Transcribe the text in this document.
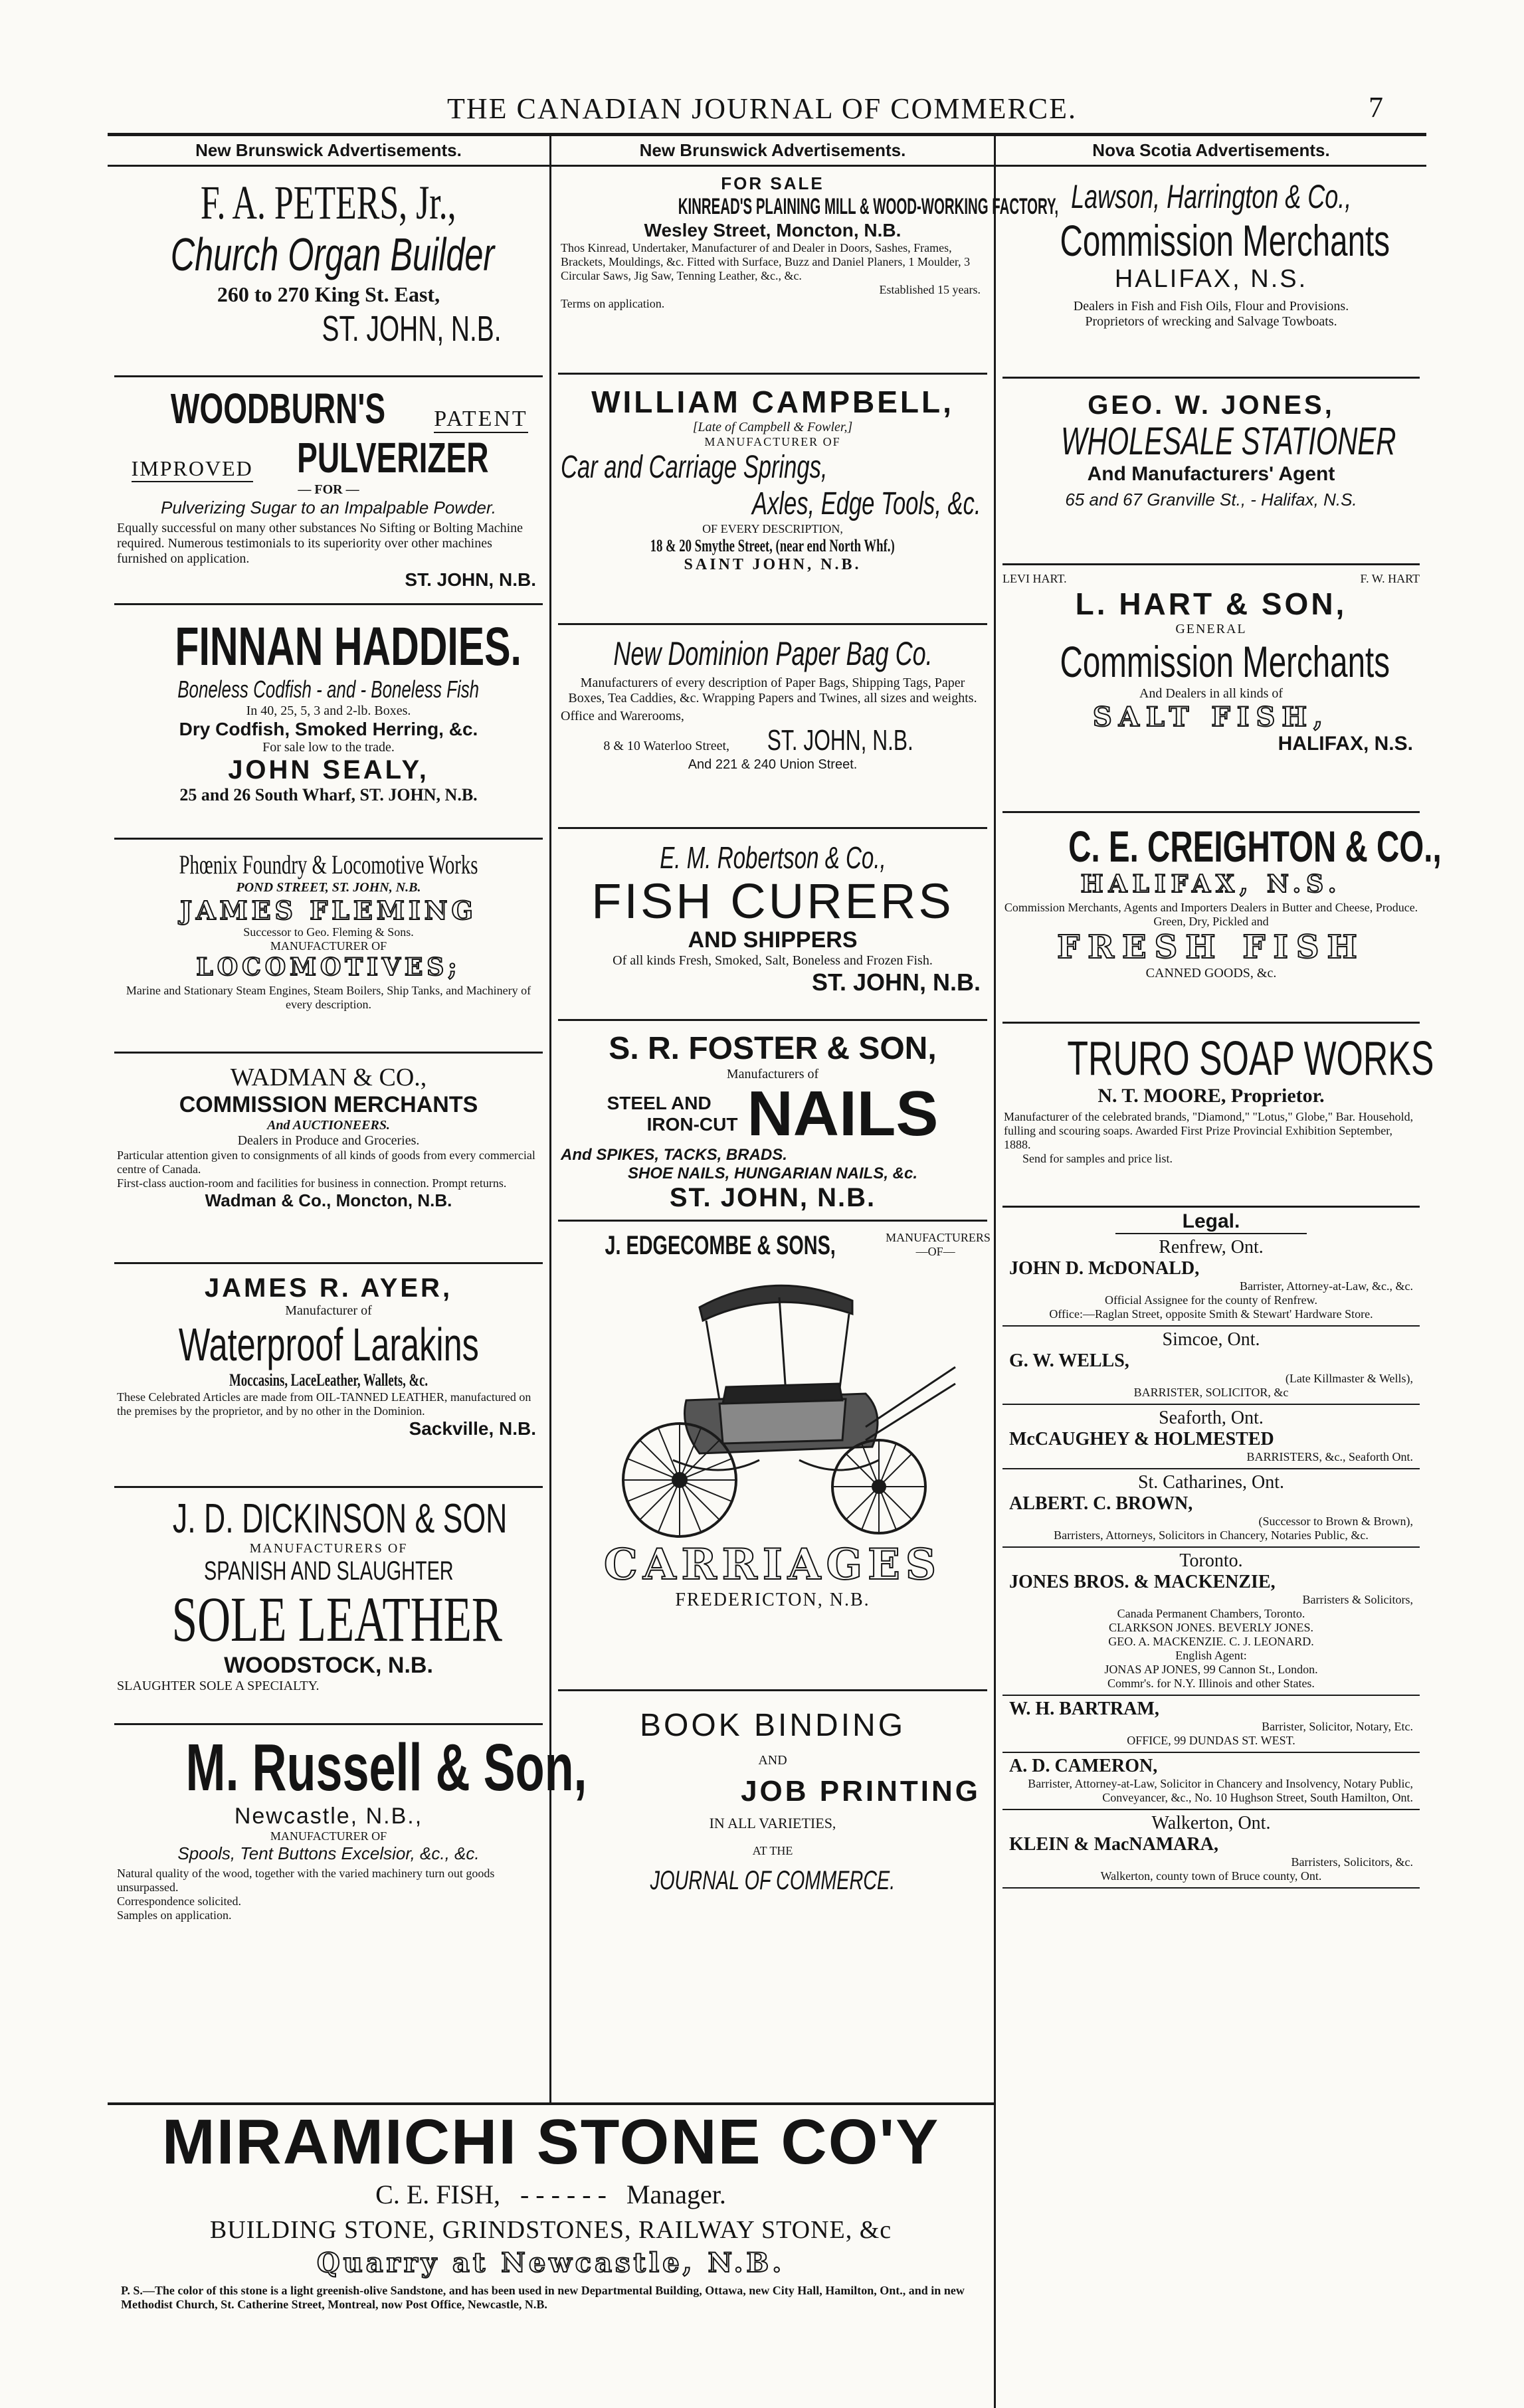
THE CANADIAN JOURNAL OF COMMERCE.	7
New Brunswick Advertisements.
F. A. PETERS, Jr.,
Church Organ Builder
260 to 270 King St. East,
ST. JOHN, N.B.
WOODBURN'S	PATENT
IMPROVED	PULVERIZER
— FOR —
Pulverizing Sugar to an Impalpable Powder.
Equally successful on many other substances No Sifting or Bolting Machine required. Numerous testimonials to its superiority over other machines furnished on application.
ST. JOHN, N.B.
FINNAN HADDIES.
Boneless Codfish - and - Boneless Fish
In 40, 25, 5, 3 and 2-lb. Boxes.
Dry Codfish, Smoked Herring, &c.
For sale low to the trade.
JOHN SEALY,
25 and 26 South Wharf, ST. JOHN, N.B.
Phœnix Foundry & Locomotive Works
POND STREET, ST. JOHN, N.B.
JAMES FLEMING
Successor to Geo. Fleming & Sons.
MANUFACTURER OF
LOCOMOTIVES;
Marine and Stationary Steam Engines, Steam Boilers, Ship Tanks, and Machinery of every description.
WADMAN & CO.,
COMMISSION MERCHANTS
And AUCTIONEERS.
Dealers in Produce and Groceries.
Particular attention given to consignments of all kinds of goods from every commercial centre of Canada.
First-class auction-room and facilities for business in connection. Prompt returns.
Wadman & Co., Moncton, N.B.
JAMES R. AYER,
Manufacturer of
Waterproof Larakins
Moccasins, LaceLeather, Wallets, &c.
These Celebrated Articles are made from OIL-TANNED LEATHER, manufactured on the premises by the proprietor, and by no other in the Dominion.
Sackville, N.B.
J. D. DICKINSON & SON
MANUFACTURERS OF
SPANISH AND SLAUGHTER
SOLE LEATHER
WOODSTOCK, N.B.
SLAUGHTER SOLE A SPECIALTY.
M. Russell & Son,
Newcastle, N.B.,
MANUFACTURER OF
Spools, Tent Buttons Excelsior, &c., &c.
Natural quality of the wood, together with the varied machinery turn out goods unsurpassed.
Correspondence solicited.
Samples on application.
New Brunswick Advertisements.
FOR SALE
KINREAD'S PLAINING MILL & WOOD-WORKING FACTORY,
Wesley Street, Moncton, N.B.
Thos Kinread, Undertaker, Manufacturer of and Dealer in Doors, Sashes, Frames, Brackets, Mouldings, &c. Fitted with Surface, Buzz and Daniel Planers, 1 Moulder, 3 Circular Saws, Jig Saw, Tenning Leather, &c., &c.
Established 15 years.
Terms on application.
WILLIAM CAMPBELL,
[Late of Campbell & Fowler,]
MANUFACTURER OF
Car and Carriage Springs,
Axles, Edge Tools, &c.
OF EVERY DESCRIPTION,
18 & 20 Smythe Street, (near end North Whf.)
SAINT JOHN, N.B.
New Dominion Paper Bag Co.
Manufacturers of every description of Paper Bags, Shipping Tags, Paper Boxes, Tea Caddies, &c. Wrapping Papers and Twines, all sizes and weights.
Office and Warerooms,
8 & 10 Waterloo Street,	ST. JOHN, N.B.
And 221 & 240 Union Street.
E. M. Robertson & Co.,
FISH CURERS
AND SHIPPERS
Of all kinds Fresh, Smoked, Salt, Boneless and Frozen Fish.
ST. JOHN, N.B.
S. R. FOSTER & SON,
Manufacturers of
STEEL AND
IRON-CUT NAILS
And SPIKES, TACKS, BRADS.
SHOE NAILS, HUNGARIAN NAILS, &c.
ST. JOHN, N.B.
J. EDGECOMBE & SONS,	MANUFACTURERS —OF—
CARRIAGES
FREDERICTON, N.B.
BOOK BINDING
AND
JOB PRINTING
IN ALL VARIETIES,
AT THE
JOURNAL OF COMMERCE.
Nova Scotia Advertisements.
Lawson, Harrington & Co.,
Commission Merchants
HALIFAX, N.S.
Dealers in Fish and Fish Oils, Flour and Provisions.
Proprietors of wrecking and Salvage Towboats.
GEO. W. JONES,
WHOLESALE STATIONER
And Manufacturers' Agent
65 and 67 Granville St., - Halifax, N.S.
LEVI HART.	F. W. HART
L. HART & SON,
GENERAL
Commission Merchants
And Dealers in all kinds of
SALT FISH,
HALIFAX, N.S.
C. E. CREIGHTON & CO.,
HALIFAX, N.S.
Commission Merchants, Agents and Importers Dealers in Butter and Cheese, Produce.
Green, Dry, Pickled and
FRESH FISH
CANNED GOODS, &c.
TRURO SOAP WORKS
N. T. MOORE, Proprietor.
Manufacturer of the celebrated brands, "Diamond," "Lotus," Globe," Bar. Household, fulling and scouring soaps. Awarded First Prize Provincial Exhibition September, 1888.
Send for samples and price list.
Legal.
Renfrew, Ont.
JOHN D. McDONALD,
Barrister, Attorney-at-Law, &c., &c.
Official Assignee for the county of Renfrew.
Office:—Raglan Street, opposite Smith & Stewart' Hardware Store.
Simcoe, Ont.
G. W. WELLS,
(Late Killmaster & Wells),
BARRISTER, SOLICITOR, &c
Seaforth, Ont.
McCAUGHEY & HOLMESTED
BARRISTERS, &c., Seaforth Ont.
St. Catharines, Ont.
ALBERT. C. BROWN,
(Successor to Brown & Brown),
Barristers, Attorneys, Solicitors in Chancery, Notaries Public, &c.
Toronto.
JONES BROS. & MACKENZIE,
Barristers & Solicitors,
Canada Permanent Chambers, Toronto.
CLARKSON JONES. BEVERLY JONES.
GEO. A. MACKENZIE. C. J. LEONARD.
English Agent:
JONAS AP JONES, 99 Cannon St., London.
Commr's. for N.Y. Illinois and other States.
W. H. BARTRAM,
Barrister, Solicitor, Notary, Etc.
OFFICE, 99 DUNDAS ST. WEST.
A. D. CAMERON,
Barrister, Attorney-at-Law, Solicitor in Chancery and Insolvency, Notary Public, Conveyancer, &c., No. 10 Hughson Street, South Hamilton, Ont.
Walkerton, Ont.
KLEIN & MacNAMARA,
Barristers, Solicitors, &c.
Walkerton, county town of Bruce county, Ont.
MIRAMICHI STONE CO'Y
C. E. FISH, - - - - - - Manager.
BUILDING STONE, GRINDSTONES, RAILWAY STONE, &c
Quarry at Newcastle, N.B.
P. S.—The color of this stone is a light greenish-olive Sandstone, and has been used in new Departmental Building, Ottawa, new City Hall, Hamilton, Ont., and in new Methodist Church, St. Catherine Street, Montreal, now Post Office, Newcastle, N.B.
